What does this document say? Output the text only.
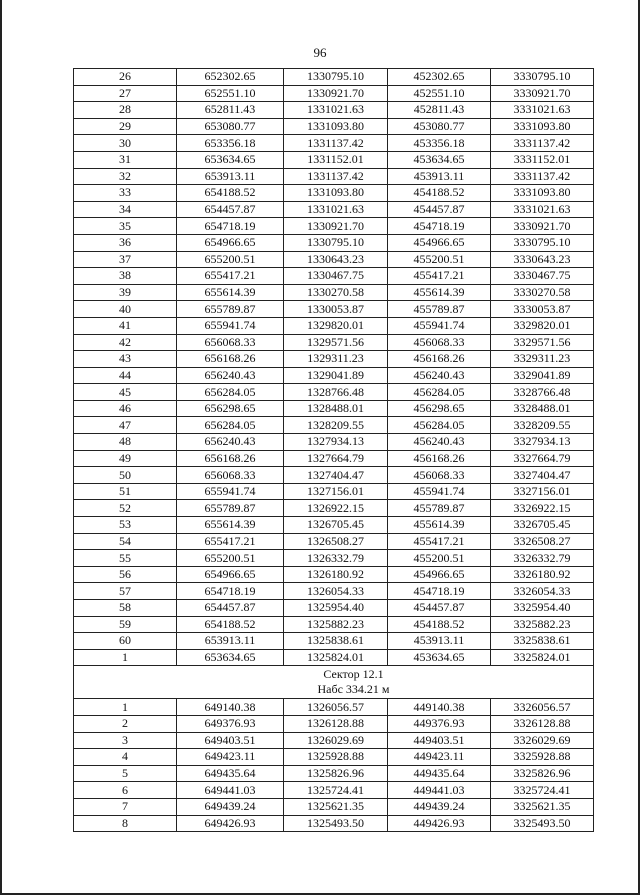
96
26	652302.65	1330795.10	452302.65	3330795.10
27	652551.10	1330921.70	452551.10	3330921.70
28	652811.43	1331021.63	452811.43	3331021.63
29	653080.77	1331093.80	453080.77	3331093.80
30	653356.18	1331137.42	453356.18	3331137.42
31	653634.65	1331152.01	453634.65	3331152.01
32	653913.11	1331137.42	453913.11	3331137.42
33	654188.52	1331093.80	454188.52	3331093.80
34	654457.87	1331021.63	454457.87	3331021.63
35	654718.19	1330921.70	454718.19	3330921.70
36	654966.65	1330795.10	454966.65	3330795.10
37	655200.51	1330643.23	455200.51	3330643.23
38	655417.21	1330467.75	455417.21	3330467.75
39	655614.39	1330270.58	455614.39	3330270.58
40	655789.87	1330053.87	455789.87	3330053.87
41	655941.74	1329820.01	455941.74	3329820.01
42	656068.33	1329571.56	456068.33	3329571.56
43	656168.26	1329311.23	456168.26	3329311.23
44	656240.43	1329041.89	456240.43	3329041.89
45	656284.05	1328766.48	456284.05	3328766.48
46	656298.65	1328488.01	456298.65	3328488.01
47	656284.05	1328209.55	456284.05	3328209.55
48	656240.43	1327934.13	456240.43	3327934.13
49	656168.26	1327664.79	456168.26	3327664.79
50	656068.33	1327404.47	456068.33	3327404.47
51	655941.74	1327156.01	455941.74	3327156.01
52	655789.87	1326922.15	455789.87	3326922.15
53	655614.39	1326705.45	455614.39	3326705.45
54	655417.21	1326508.27	455417.21	3326508.27
55	655200.51	1326332.79	455200.51	3326332.79
56	654966.65	1326180.92	454966.65	3326180.92
57	654718.19	1326054.33	454718.19	3326054.33
58	654457.87	1325954.40	454457.87	3325954.40
59	654188.52	1325882.23	454188.52	3325882.23
60	653913.11	1325838.61	453913.11	3325838.61
1	653634.65	1325824.01	453634.65	3325824.01

Сектор 12.1
Набс 334.21 м				

1	649140.38	1326056.57	449140.38	3326056.57
2	649376.93	1326128.88	449376.93	3326128.88
3	649403.51	1326029.69	449403.51	3326029.69
4	649423.11	1325928.88	449423.11	3325928.88
5	649435.64	1325826.96	449435.64	3325826.96
6	649441.03	1325724.41	449441.03	3325724.41
7	649439.24	1325621.35	449439.24	3325621.35
8	649426.93	1325493.50	449426.93	3325493.50
